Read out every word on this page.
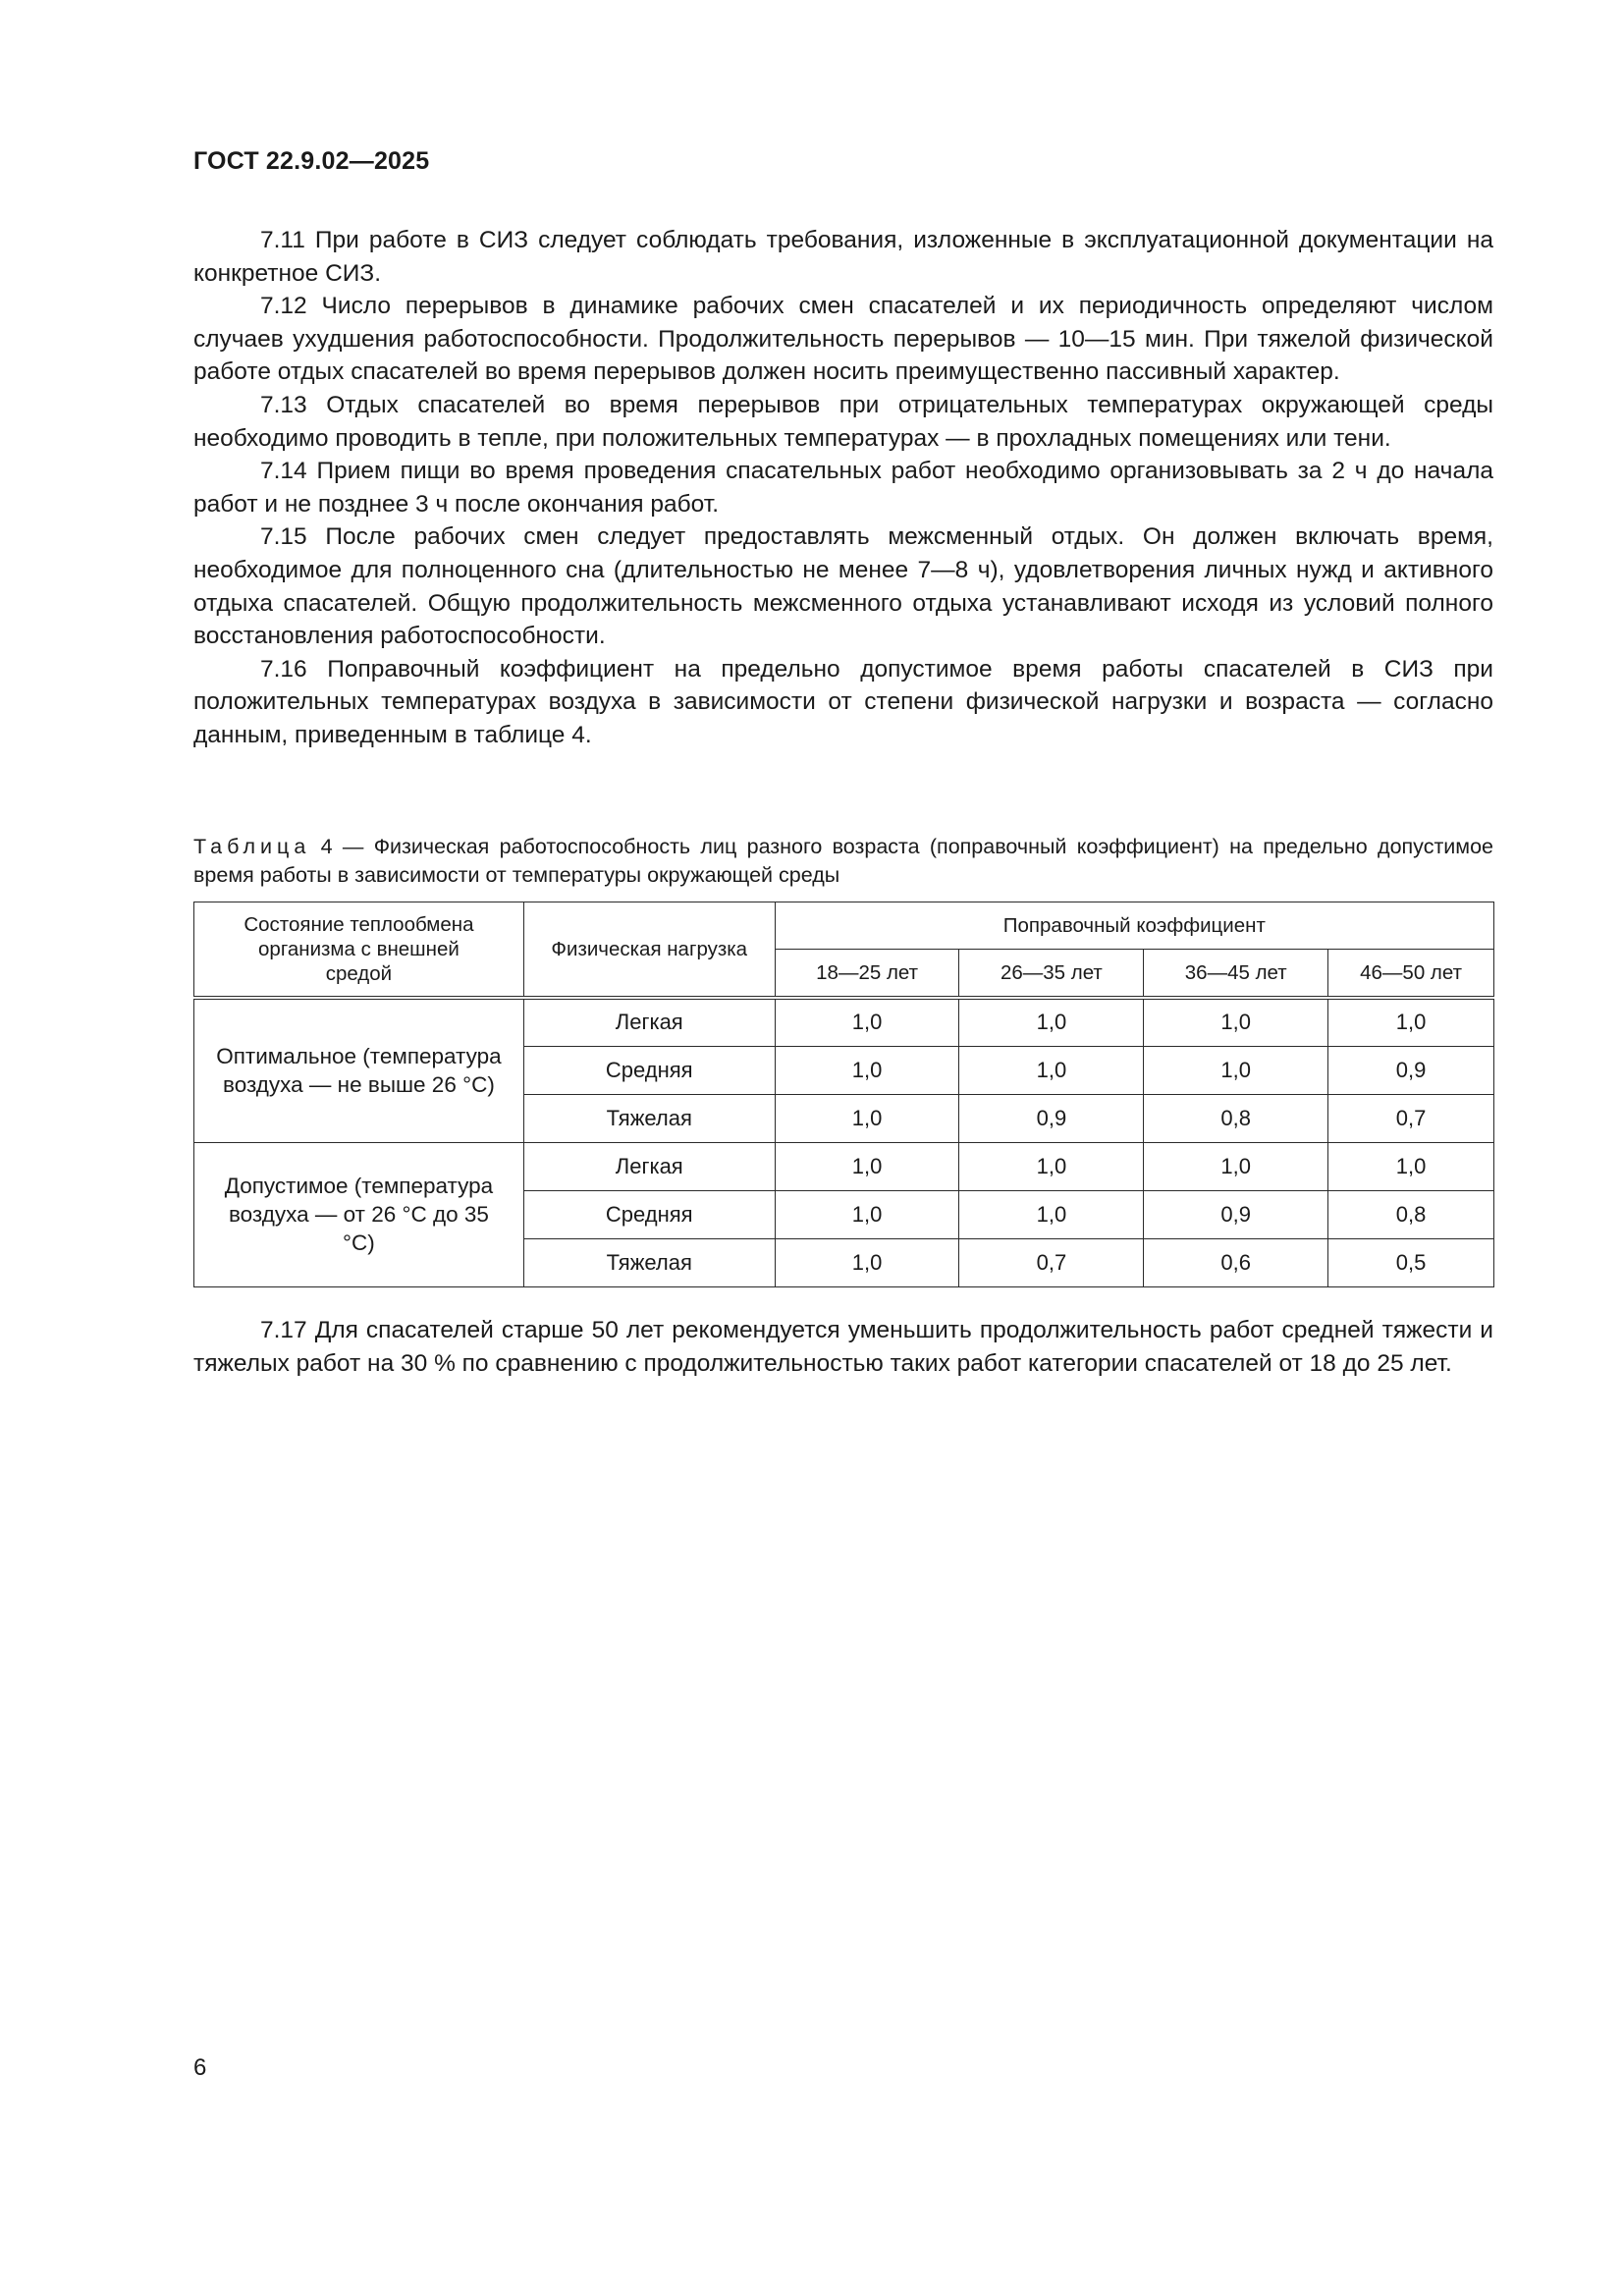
ГОСТ 22.9.02—2025

7.11 При работе в СИЗ следует соблюдать требования, изложенные в эксплуатационной документации на конкретное СИЗ.

7.12 Число перерывов в динамике рабочих смен спасателей и их периодичность определяют числом случаев ухудшения работоспособности. Продолжительность перерывов — 10—15 мин. При тяжелой физической работе отдых спасателей во время перерывов должен носить преимущественно пассивный характер.

7.13 Отдых спасателей во время перерывов при отрицательных температурах окружающей среды необходимо проводить в тепле, при положительных температурах — в прохладных помещениях или тени.

7.14 Прием пищи во время проведения спасательных работ необходимо организовывать за 2 ч до начала работ и не позднее 3 ч после окончания работ.

7.15 После рабочих смен следует предоставлять межсменный отдых. Он должен включать время, необходимое для полноценного сна (длительностью не менее 7—8 ч), удовлетворения личных нужд и активного отдыха спасателей. Общую продолжительность межсменного отдыха устанавливают исходя из условий полного восстановления работоспособности.

7.16 Поправочный коэффициент на предельно допустимое время работы спасателей в СИЗ при положительных температурах воздуха в зависимости от степени физической нагрузки и возраста — согласно данным, приведенным в таблице 4.

Таблица 4 — Физическая работоспособность лиц разного возраста (поправочный коэффициент) на предельно допустимое время работы в зависимости от температуры окружающей среды
Состояние теплообмена организма с внешней средой	Физическая нагрузка	Поправочный коэффициент			
		18—25 лет	26—35 лет	36—45 лет	46—50 лет
Оптимальное (температура воздуха — не выше 26 °C)	Легкая	1,0	1,0	1,0	1,0
	Средняя	1,0	1,0	1,0	0,9
	Тяжелая	1,0	0,9	0,8	0,7
Допустимое (температура воздуха — от 26 °C до 35 °C)	Легкая	1,0	1,0	1,0	1,0
	Средняя	1,0	1,0	0,9	0,8
	Тяжелая	1,0	0,7	0,6	0,5

7.17 Для спасателей старше 50 лет рекомендуется уменьшить продолжительность работ средней тяжести и тяжелых работ на 30 % по сравнению с продолжительностью таких работ категории спасателей от 18 до 25 лет.

6
